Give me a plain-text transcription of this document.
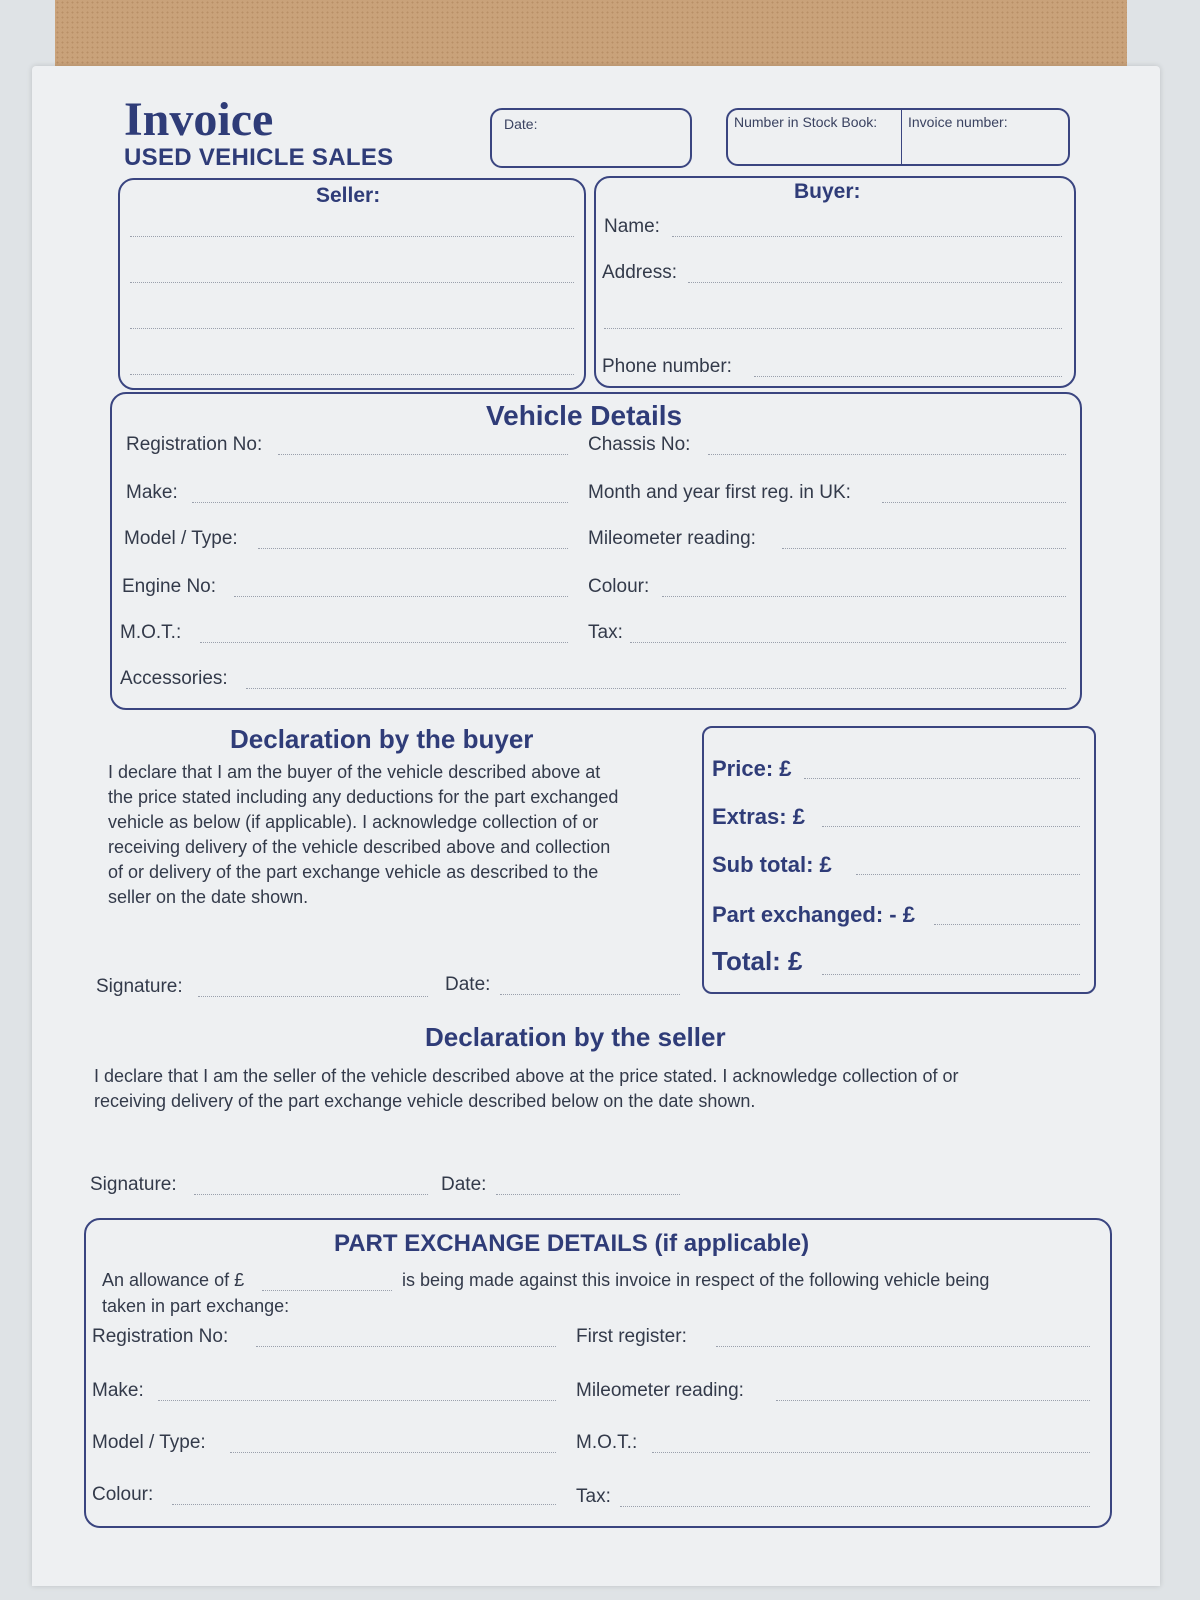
Invoice
USED VEHICLE SALES
Date:	Number in Stock Book: Invoice number:
Seller:	Buyer:
Name:
Address:
Phone number:
Vehicle Details
Registration No:	Chassis No:
Make:	Month and year first reg. in UK:
Model / Type:	Mileometer reading:
Engine No:	Colour:
M.O.T.:	Tax:
Accessories:
Declaration by the buyer
I declare that I am the buyer of the vehicle described above at
the price stated including any deductions for the part exchanged
vehicle as below (if applicable). I acknowledge collection of or
receiving delivery of the vehicle described above and collection
of or delivery of the part exchange vehicle as described to the
seller on the date shown.
Signature:	Date:
Price: £
Extras: £
Sub total: £
Part exchanged: - £
Total: £
Declaration by the seller
I declare that I am the seller of the vehicle described above at the price stated. I acknowledge collection of or
receiving delivery of the part exchange vehicle described below on the date shown.
Signature:	Date:
PART EXCHANGE DETAILS (if applicable)
An allowance of £	is being made against this invoice in respect of the following vehicle being
taken in part exchange:
Registration No:	First register:
Make:	Mileometer reading:
Model / Type:	M.O.T.:
Colour:	Tax:
